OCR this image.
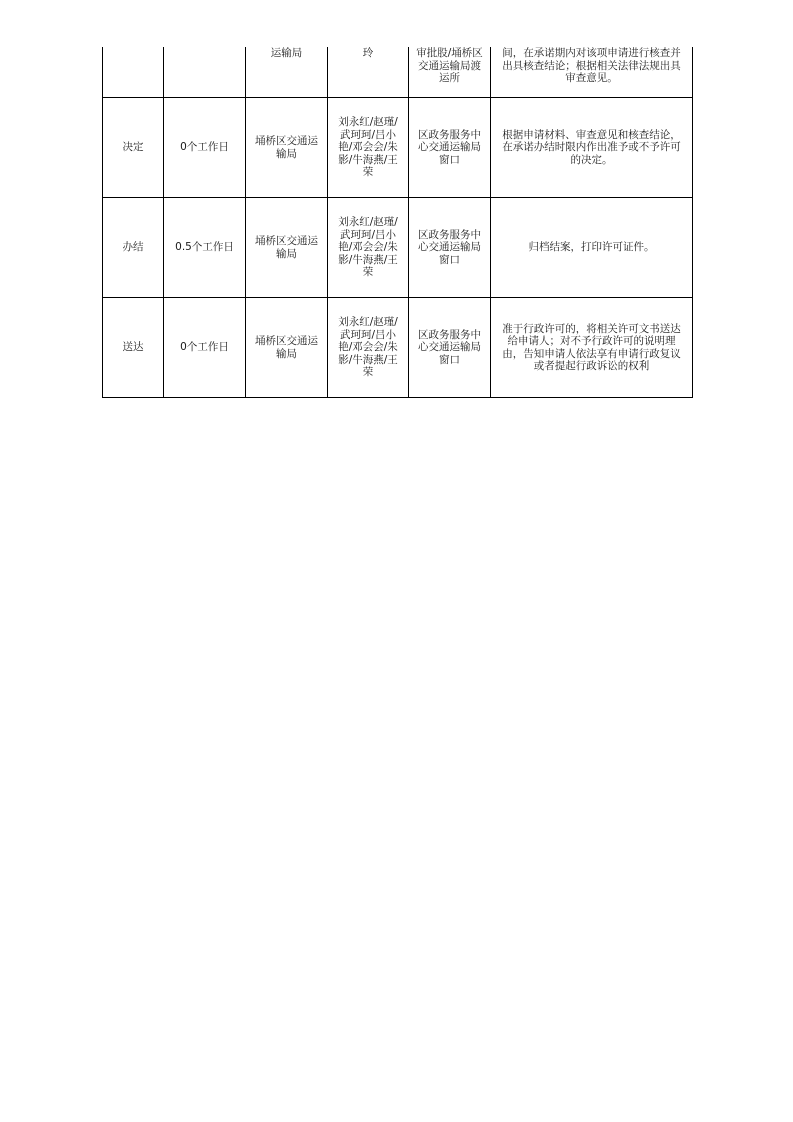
		运输局	玲	审批股/埇桥区交通运输局渡运所	间，在承诺期内对该项申请进行核查并出具核查结论；根据相关法律法规出具审查意见。
决定	0个工作日	埇桥区交通运输局	刘永红/赵瑾/武珂珂/吕小艳/邓会会/朱影/牛海燕/王荣	区政务服务中心交通运输局窗口	根据申请材料、审查意见和核查结论，在承诺办结时限内作出准予或不予许可的决定。
办结	0.5个工作日	埇桥区交通运输局	刘永红/赵瑾/武珂珂/吕小艳/邓会会/朱影/牛海燕/王荣	区政务服务中心交通运输局窗口	归档结案，打印许可证件。
送达	0个工作日	埇桥区交通运输局	刘永红/赵瑾/武珂珂/吕小艳/邓会会/朱影/牛海燕/王荣	区政务服务中心交通运输局窗口	准于行政许可的，将相关许可文书送达给申请人；对不予行政许可的说明理由，告知申请人依法享有申请行政复议或者提起行政诉讼的权利
